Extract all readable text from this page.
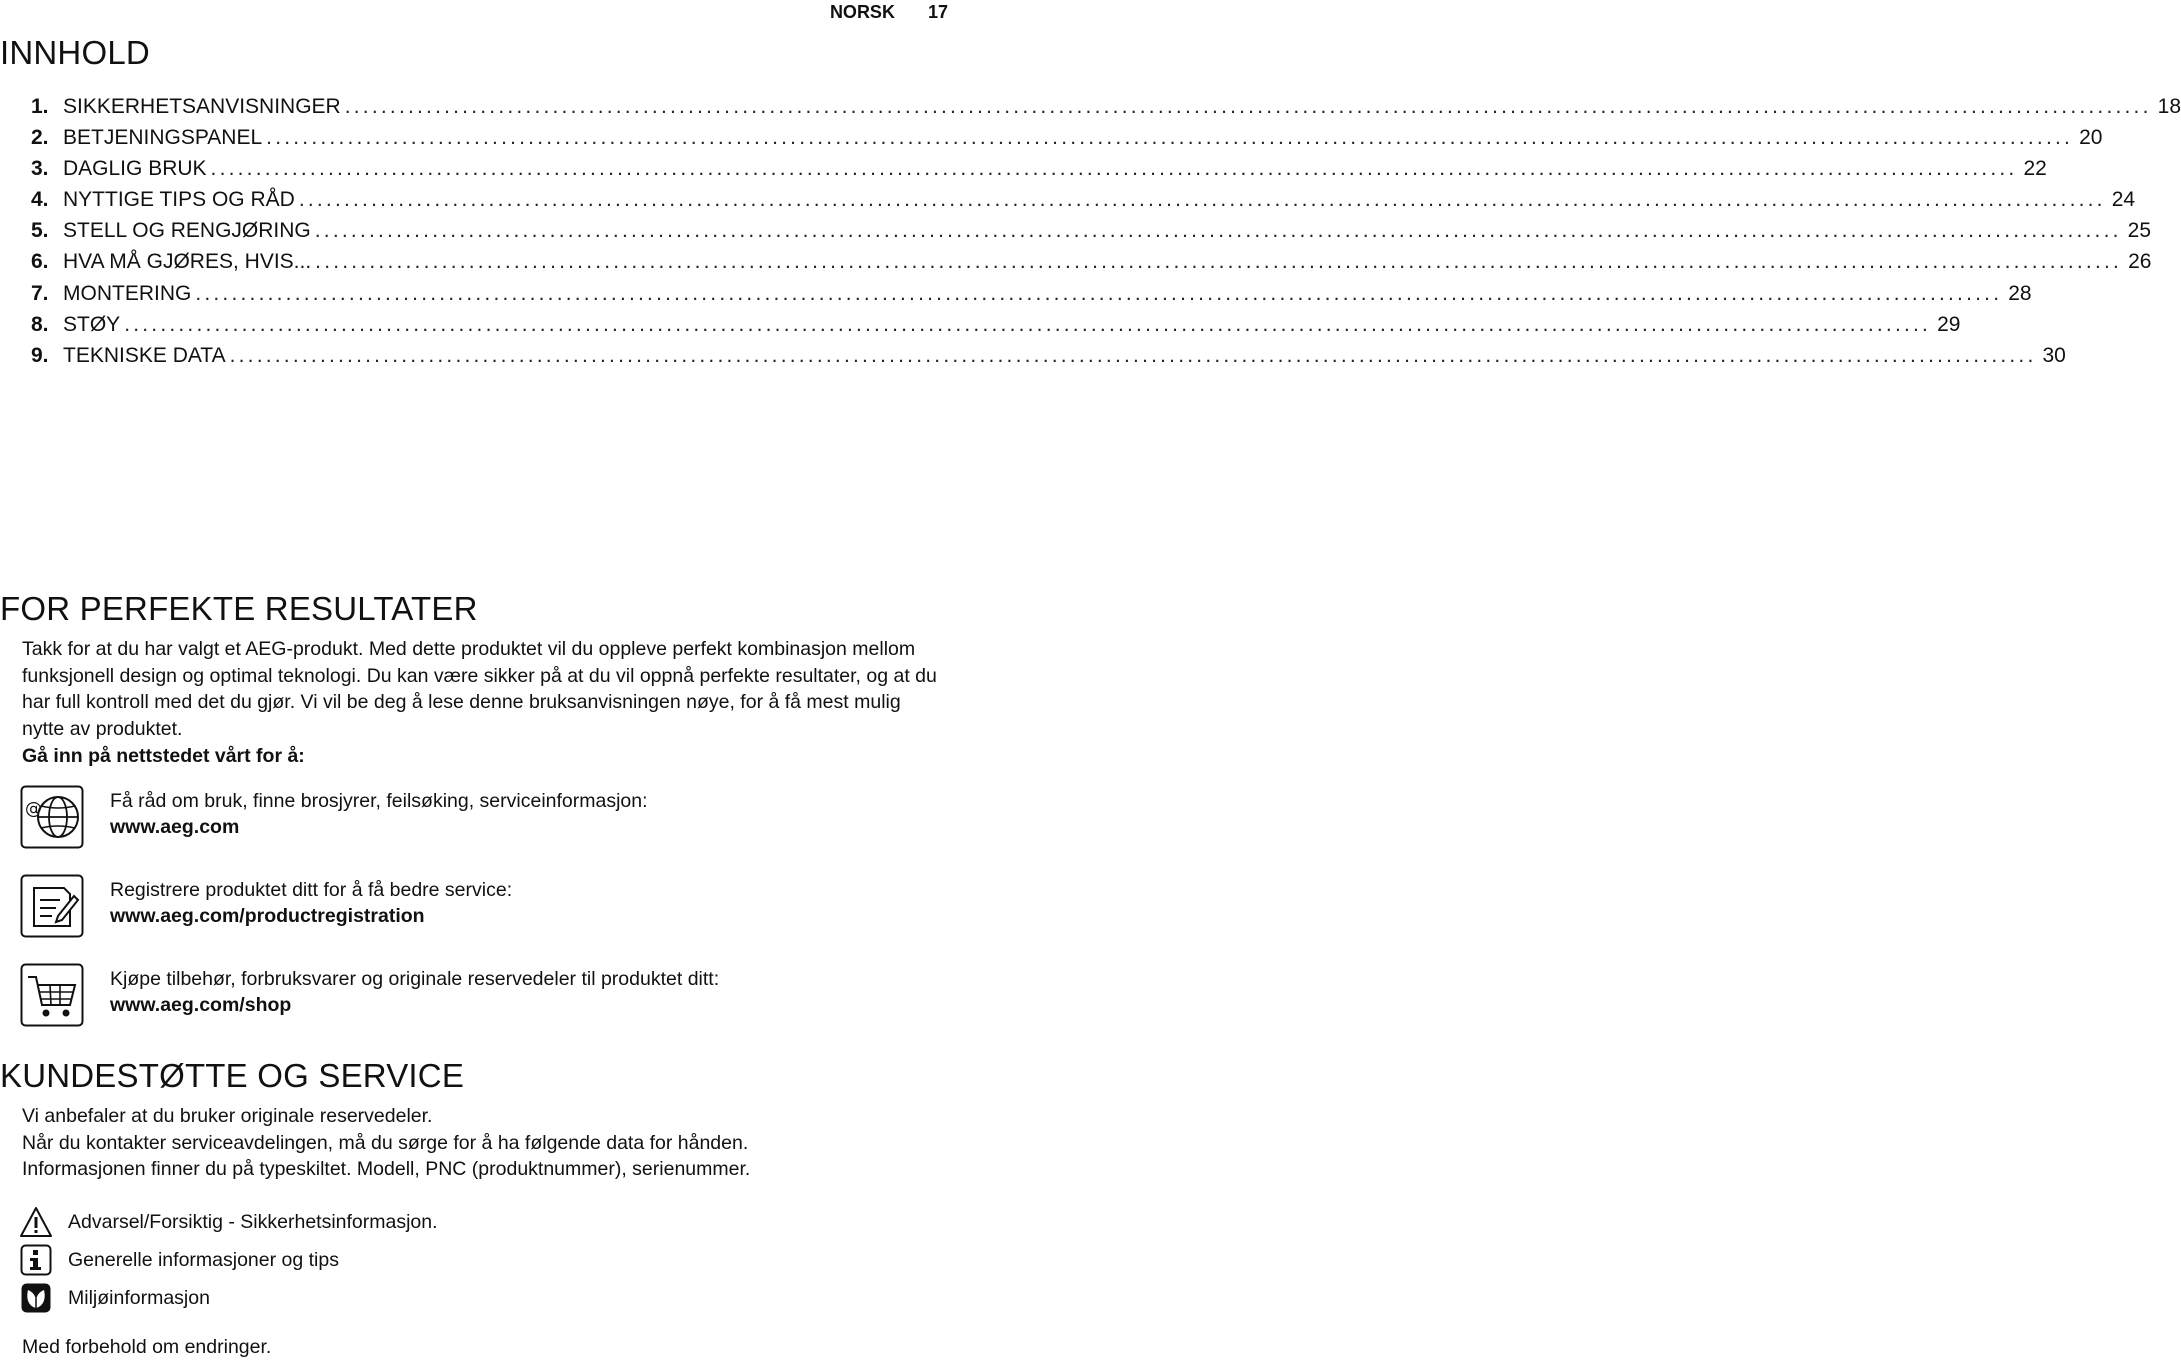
NORSK 17
INNHOLD
1. SIKKERHETSANVISNINGER ........................................................................................................................................................................................................ 18
2. BETJENINGSPANEL ........................................................................................................................................................................................................ 20
3. DAGLIG BRUK ........................................................................................................................................................................................................ 22
4. NYTTIGE TIPS OG RÅD ........................................................................................................................................................................................................ 24
5. STELL OG RENGJØRING ........................................................................................................................................................................................................ 25
6. HVA MÅ GJØRES, HVIS... ........................................................................................................................................................................................................ 26
7. MONTERING ........................................................................................................................................................................................................ 28
8. STØY ........................................................................................................................................................................................................ 29
9. TEKNISKE DATA ........................................................................................................................................................................................................ 30
FOR PERFEKTE RESULTATER

Takk for at du har valgt et AEG-produkt. Med dette produktet vil du oppleve perfekt kombinasjon mellom funksjonell design og optimal teknologi. Du kan være sikker på at du vil oppnå perfekte resultater, og at du har full kontroll med det du gjør. Vi vil be deg å lese denne bruksanvisningen nøye, for å få mest mulig nytte av produktet.

Gå inn på nettstedet vårt for å:

@	Få råd om bruk, finne brosjyrer, feilsøking, serviceinformasjon:
www.aeg.com
Registrere produktet ditt for å få bedre service:
www.aeg.com/productregistration
Kjøpe tilbehør, forbruksvarer og originale reservedeler til produktet ditt:
www.aeg.com/shop
KUNDESTØTTE OG SERVICE
Vi anbefaler at du bruker originale reservedeler.
Når du kontakter serviceavdelingen, må du sørge for å ha følgende data for hånden.
Informasjonen finner du på typeskiltet. Modell, PNC (produktnummer), serienummer.
Advarsel/Forsiktig - Sikkerhetsinformasjon.
Generelle informasjoner og tips
Miljøinformasjon

Med forbehold om endringer.
